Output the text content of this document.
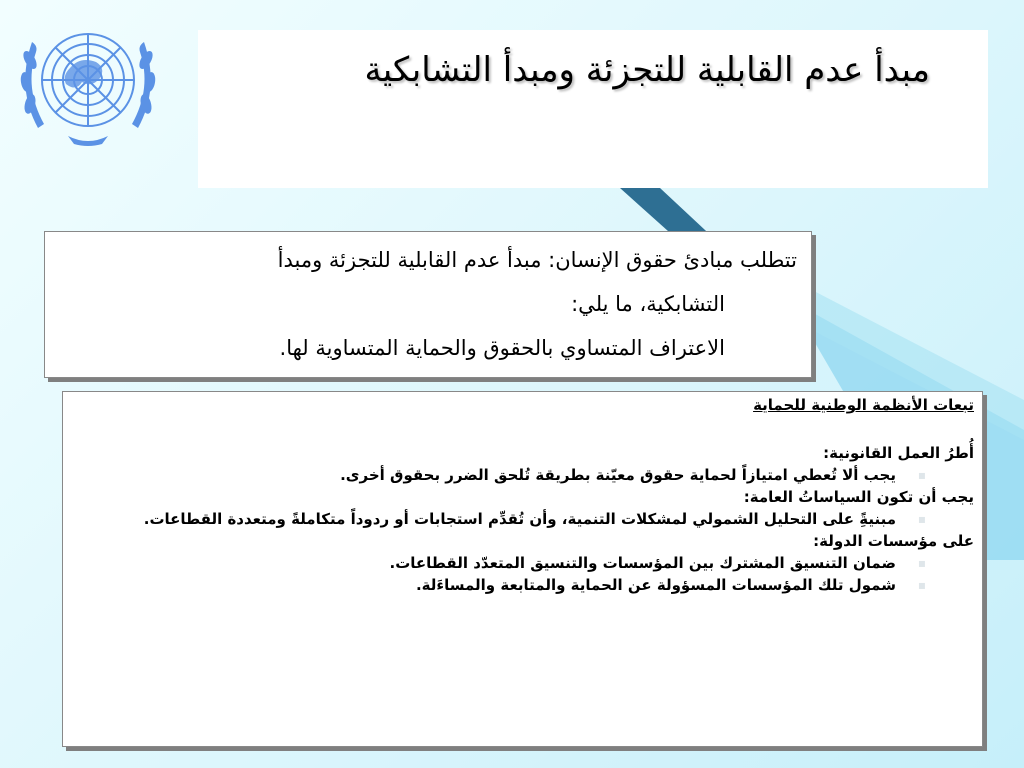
مبدأ عدم القابلية للتجزئة ومبدأ التشابكية

تتطلب مبادئ حقوق الإنسان: مبدأ عدم القابلية للتجزئة ومبدأ

التشابكية، ما يلي:

الاعتراف المتساوي بالحقوق والحماية المتساوية لها.

تبعات الأنظمة الوطنية للحماية

أُطرُ العمل القانونية:

▪
يجب ألا تُعطي امتيازاً لحماية حقوق معيّنة بطريقة تُلحق الضرر بحقوق أخرى.

يجب أن تكون السياساتُ العامة:

▪
مبنيةًِ على التحليل الشمولي لمشكلات التنمية، وأن تُقدِّم استجابات أو ردوداً متكاملةً ومتعددة القطاعات.

على مؤسسات الدولة:

▪
ضمان التنسيق المشترك بين المؤسسات والتنسيق المتعدّد القطاعات.

▪
شمول تلك المؤسسات المسؤولة عن الحماية والمتابعة والمساءَلة.
